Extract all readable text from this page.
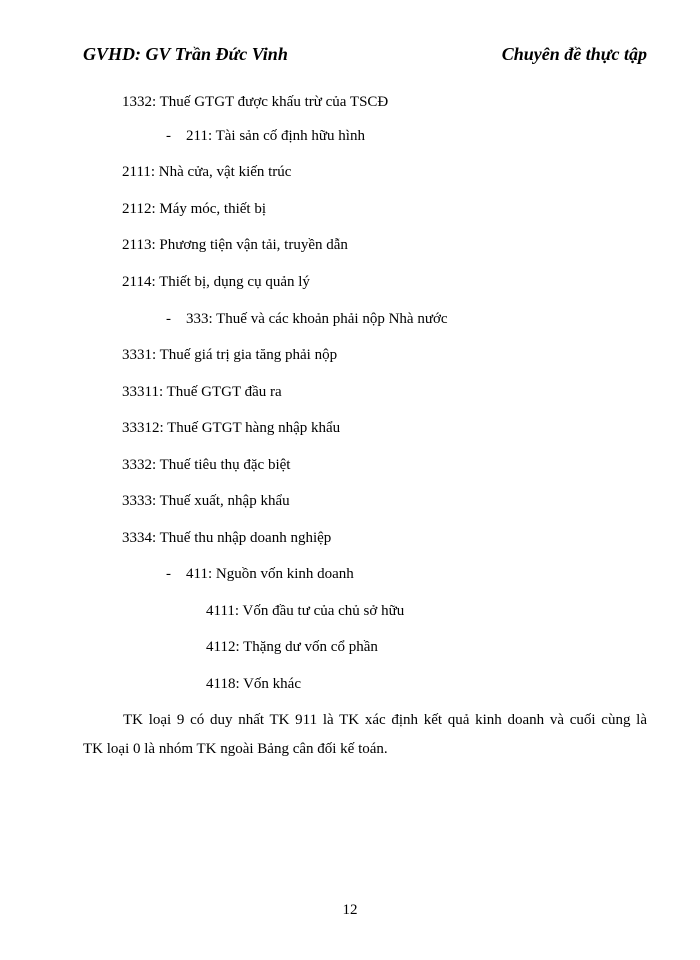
GVHD: GV Trần Đức Vinh	Chuyên đề thực tập
1332: Thuế GTGT được khấu trừ của TSCĐ
- 211: Tài sản cố định hữu hình
2111: Nhà cửa, vật kiến trúc
2112: Máy móc, thiết bị
2113: Phương tiện vận tải, truyền dẫn
2114: Thiết bị, dụng cụ quản lý
- 333: Thuế và các khoản phải nộp Nhà nước
3331: Thuế giá trị gia tăng phải nộp
33311: Thuế GTGT đầu ra
33312: Thuế GTGT hàng nhập khẩu
3332: Thuế tiêu thụ đặc biệt
3333: Thuế xuất, nhập khẩu
3334: Thuế thu nhập doanh nghiệp
- 411: Nguồn vốn kinh doanh
4111: Vốn đầu tư của chủ sở hữu
4112: Thặng dư vốn cổ phần
4118: Vốn khác
TK loại 9 có duy nhất TK 911 là TK xác định kết quả kinh doanh và cuối cùng là
TK loại 0 là nhóm TK ngoài Bảng cân đối kế toán.
12
